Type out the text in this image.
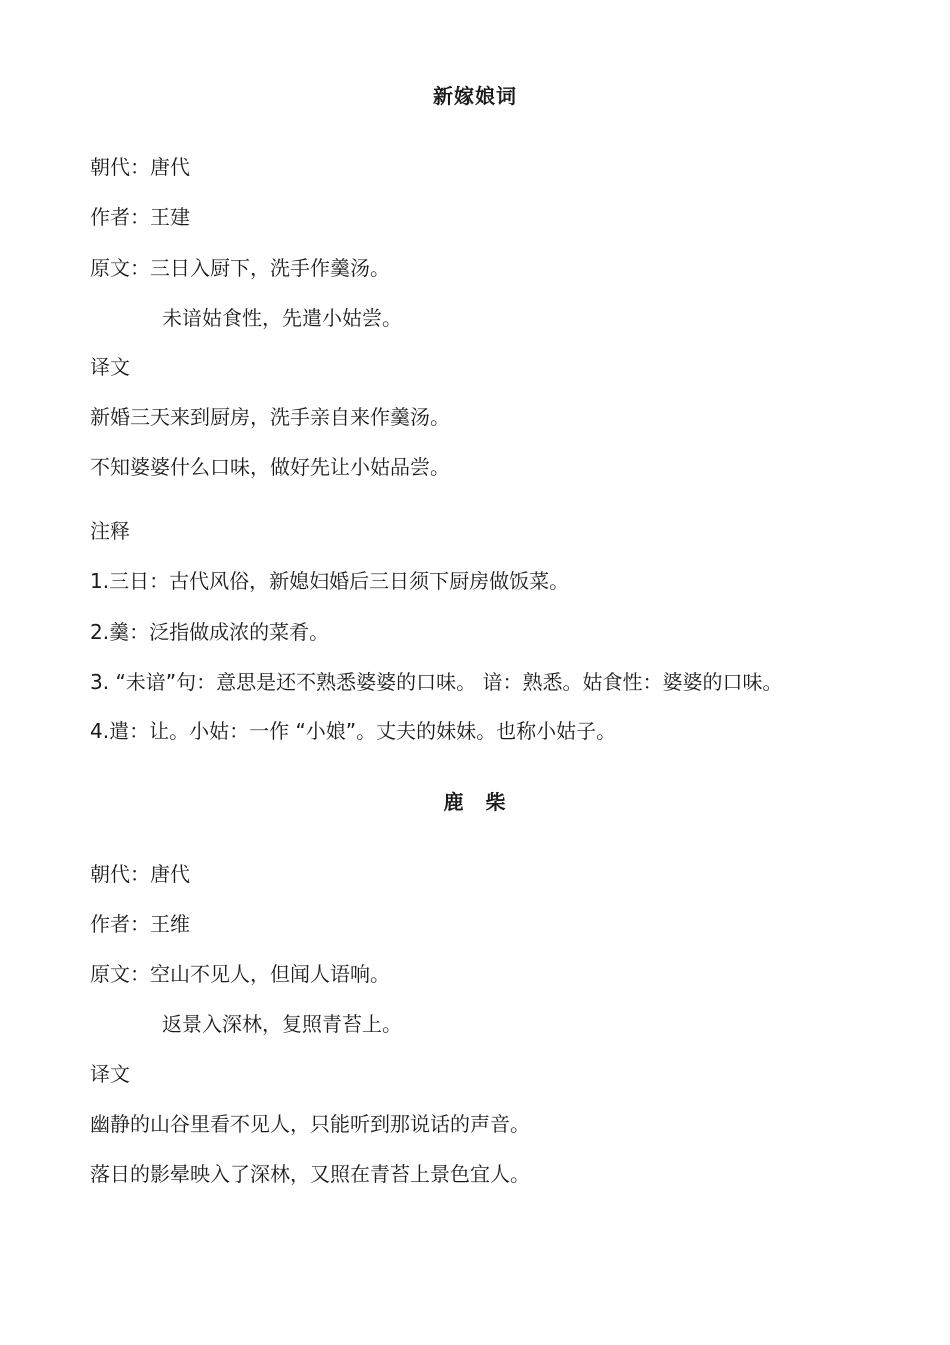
新嫁娘词

朝代：唐代

作者：王建

原文：三日入厨下，洗手作羹汤。

未谙姑食性，先遣小姑尝。

译文

新婚三天来到厨房，洗手亲自来作羹汤。

不知婆婆什么口味，做好先让小姑品尝。

注释

1.三日：古代风俗，新媳妇婚后三日须下厨房做饭菜。

2.羹：泛指做成浓的菜肴。

3. “未谙”句：意思是还不熟悉婆婆的口味。 谙：熟悉。姑食性：婆婆的口味。

4.遣：让。小姑：一作 “小娘”。丈夫的妹妹。也称小姑子。

鹿　柴

朝代：唐代

作者：王维

原文：空山不见人，但闻人语响。

返景入深林，复照青苔上。

译文

幽静的山谷里看不见人，只能听到那说话的声音。

落日的影晕映入了深林，又照在青苔上景色宜人。
